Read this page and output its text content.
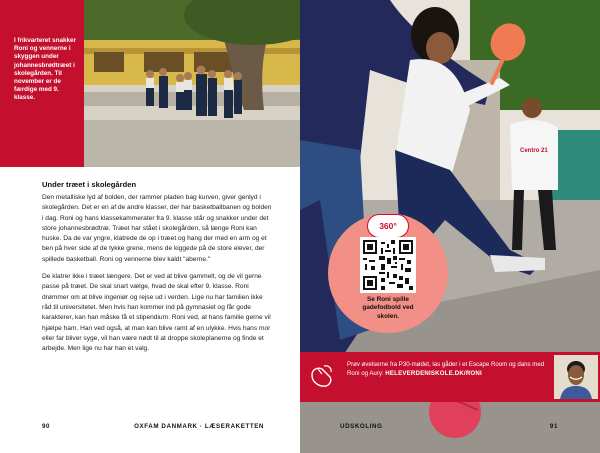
I frikvarteret snakker Roni og vennerne i skyggen under johannesbrødtræet i skolegården. Til november er de færdige med 9. klasse.

Under træet i skolegården

Den metalliske lyd af bolden, der rammer pladen bag kurven, giver genlyd i skolegården. Det er en af de andre klasser, der har basketballbanen og bolden i dag. Roni og hans klassekammerater fra 9. klasse står og snakker under det store johannesbrødtræ. Træet har stået i skolegården, så længe Roni kan huske. Da de var yngre, klatrede de op i træet og hang der med en arm og et ben på hver side af de tykke grene, mens de kiggede på de store elever, der spillede basketball. Roni og vennerne blev kaldt "aberne."

De klatrer ikke i træet længere. Det er ved at blive gammelt, og de vil gerne passe på træet. De skal snart vælge, hvad de skal efter 9. klasse. Roni drømmer om at blive ingeniør og rejse ud i verden. Lige nu har familien ikke råd til universitetet. Men hvis han kommer ind på gymnasiet og får gode karakterer, kan han måske få et stipendium. Roni ved, at hans familie gerne vil hjælpe ham. Han ved også, at man kan blive ramt af en ulykke. Hvis hans mor eller far bliver syge, vil han være nødt til at droppe skoleplanerne og finde et arbejde. Men lige nu har han et valg.

90	OXFAM DANMARK · LÆSERAKETTEN
Centro 21
360°
Se Roni spille gadefodbold ved skolen.
Prøv øvelserne fra P30-mødet, las gåder i et Escape Room og dans med Roni og Aury: HELEVERDENISKOLE.DK/RONI
UDSKOLING	91
